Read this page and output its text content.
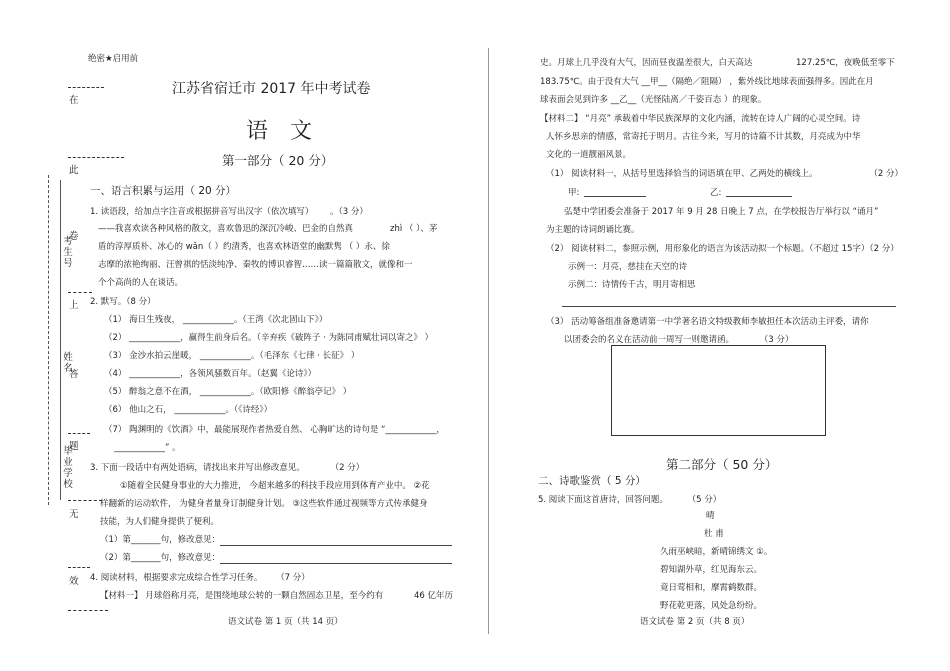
绝密★启用前
在
此
江苏省宿迁市 2017 年中考试卷
语文
第一部分（ 20 分）
一、语言积累与运用（ 20 分）
考生号
姓名
毕业学校
1. 读语段，给加点字注音或根据拼音写出汉字（依次填写） 。（3 分）
卷
——我喜欢读各种风格的散文，喜欢鲁迅的深沉冷峻、巴金的自然真	zhì （ ）、茅
盾的淳厚质朴、冰心的 wǎn（ ）约清秀，也喜欢林语堂的幽默隽 （ ）永、徐
志摩的浓艳绚丽、汪曾祺的恬淡纯净、秦牧的博识睿智……读一篇篇散文，就像和一
个个高尚的人在谈话。
上 2. 默写。（8 分）
（1） 海日生残夜， ____________。（王湾《次北固山下》）
（2） ____________，赢得生前身后名。（辛弃疾《破阵子 · 为陈同甫赋壮词以寄之》 ）
（3） 金沙水拍云崖暖， ____________。（毛泽东《七律 · 长征》 ）
答	（4） ____________，各领风骚数百年。（赵翼《论诗》）
（5） 醉翁之意不在酒， ____________。（欧阳修《醉翁亭记》 ）
（6） 他山之石， ____________。（《诗经》）
（7） 陶渊明的《饮酒》中，最能展现作者热爱自然、 心胸旷达的诗句是 “____________，
题	____________” 。
3. 下面一段话中有两处语病，请找出来并写出修改意见。	（2 分）
①随着全民健身事业的大力推进， 今超来越多的科技手段应用到体育产业中。 ②花
样翻新的运动软件， 为健身者量身订制健身计划。 ③这些软件通过视频等方式传承健身
无
技能，为人们健身提供了便利。
（1）第_______句，修改意见：
（2）第_______句，修改意见：
效 4. 阅读材料，根据要求完成综合性学习任务。 （7 分）
【材料一】 月球俗称月亮，是围绕地球公转的一颗自然固态卫星，至今约有	46 亿年历
语文试卷 第 1 页（共 14 页）
史。月球上几乎没有大气，因而昼夜温差很大，白天高达	127.25℃，夜晚低至零下
183.75℃。由于没有大气 __甲__（隔绝／阻隔） ，紫外线比地球表面强得多。因此在月
球表面会见到许多 __乙__（光怪陆离／千姿百态 ）的现象。
【材料二】 “月亮” 承载着中华民族深厚的文化内涵，流转在诗人广阔的心灵空间。诗
人怀乡思亲的情感，常寄托于明月。古往今来，写月的诗篇不计其数，月亮成为中华
文化的一道靓丽风景。
（1） 阅读材料一，从括号里选择恰当的词语填在甲、乙两处的横线上。	（2 分）
甲:	乙:
弘楚中学团委会准备于 2017 年 9 月 28 日晚上 7 点，在学校报告厅举行以 “诵月”
为主题的诗词朗诵比赛。
（2） 阅读材料二，参照示例，用形象化的语言为该活动拟一个标题。（不超过 15字）（2 分）
示例一：月亮，慈挂在天空的诗
示例二：诗情传千古，明月寄相思
（3） 活动筹备组准备邀请第一中学著名语文特级教师李敏担任本次活动主评委，请你
以团委会的名义在活动前一周写一则邀请函。	（3 分）
第二部分（ 50 分）
二、诗歌鉴赏（ 5 分）
5. 阅读下面这首唐诗，回答问题。	（5 分）
晴
杜 甫
久雨巫峡暗，新晴锦绣文 ①。
碧知湖外草，红见海东云。
竟日莺相和，摩霄鹤数群。
野花乾更落，风处急纷纷。
语文试卷 第 2 页（共 8 页）
